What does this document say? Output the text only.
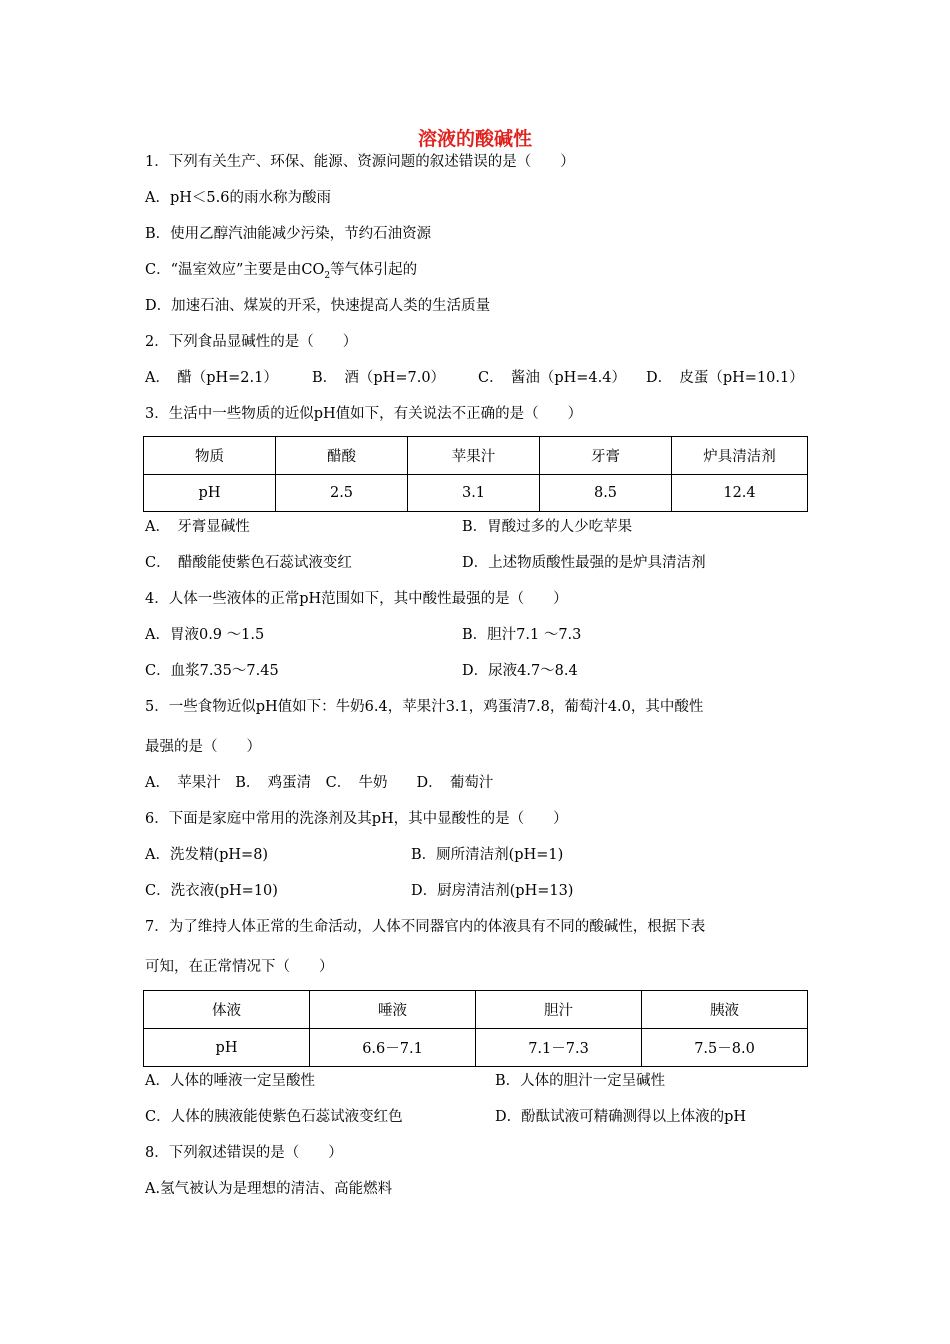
溶液的酸碱性
1．下列有关生产、环保、能源、资源问题的叙述错误的是（　　）
A．pH＜5.6的雨水称为酸雨
B．使用乙醇汽油能减少污染，节约石油资源
C．“温室效应”主要是由$CO_2$等气体引起的
D．加速石油、煤炭的开采，快速提高人类的生活质量
2．下列食品显碱性的是（　　）
A．　醋（pH=2.1） B．　酒（pH=7.0） C．　酱油（pH=4.4） D．　皮蛋（pH=10.1）
3．生活中一些物质的近似pH值如下，有关说法不正确的是（　　）
物质	醋酸	苹果汁	牙膏	炉具清洁剂
pH	2.5	3.1	8.5	12.4
A．　牙膏显碱性	B．胃酸过多的人少吃苹果
C．　醋酸能使紫色石蕊试液变红	D．上述物质酸性最强的是炉具清洁剂
4．人体一些液体的正常pH范围如下，其中酸性最强的是（　　）
A．胃液0.9 ～1.5	B．胆汁7.1 ～7.3
C．血浆7.35～7.45	D．尿液4.7～8.4
5．一些食物近似pH值如下：牛奶6.4，苹果汁3.1，鸡蛋清7.8，葡萄汁4.0，其中酸性
最强的是（　　）
A．　苹果汁　B．　鸡蛋清　C．　牛奶　　D．　葡萄汁
6．下面是家庭中常用的洗涤剂及其pH，其中显酸性的是（　　）
A．洗发精(pH=8)	B．厕所清洁剂(pH=1)
C．洗衣液(pH=10)	D．厨房清洁剂(pH=13)
7．为了维持人体正常的生命活动，人体不同器官内的体液具有不同的酸碱性，根据下表
可知，在正常情况下（　　）
体液	唾液	胆汁	胰液
pH	6.6－7.1	7.1－7.3	7.5－8.0
A．人体的唾液一定呈酸性	B．人体的胆汁一定呈碱性
C．人体的胰液能使紫色石蕊试液变红色	D．酚酞试液可精确测得以上体液的pH
8．下列叙述错误的是（　　）
A.氢气被认为是理想的清洁、高能燃料
